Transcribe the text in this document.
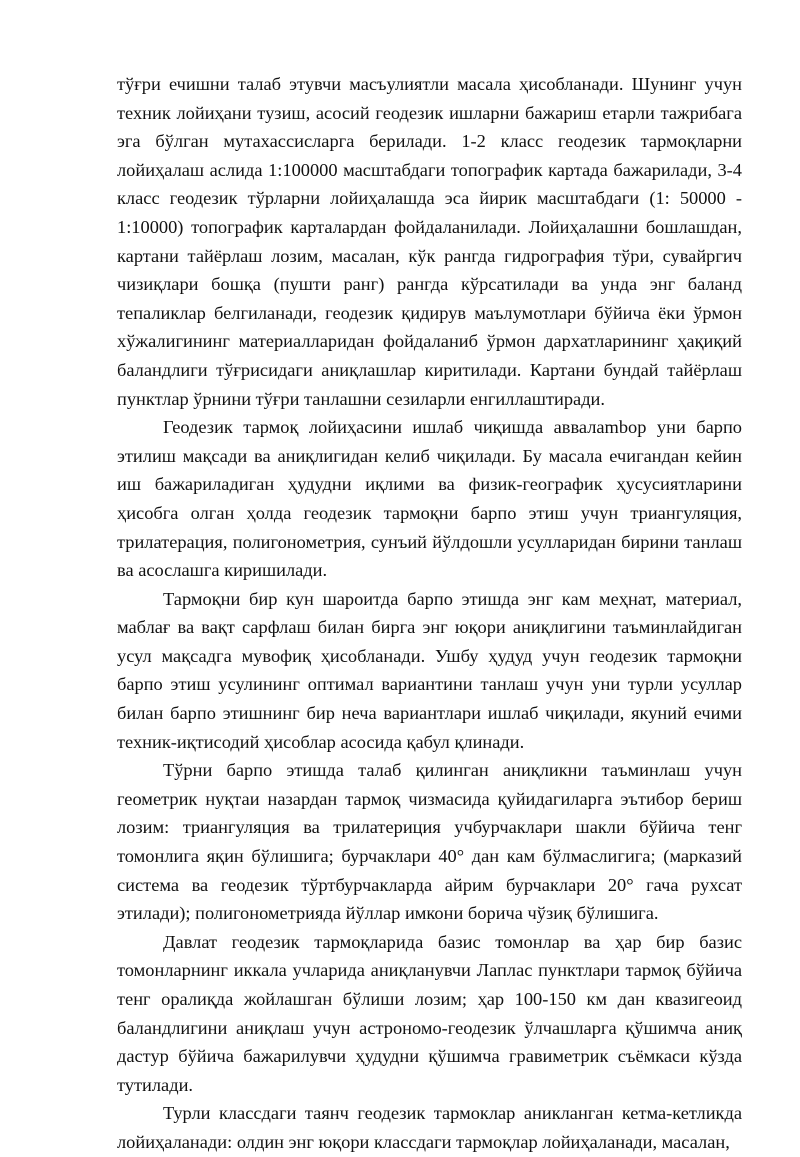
тўғри ечишни талаб этувчи масъулиятли масала ҳисобланади. Шунинг учун техник лойиҳани тузиш, асосий геодезик ишларни бажариш етарли тажрибага эга бўлган мутахассисларга берилади. 1-2 класс геодезик тармоқларни лойиҳалаш аслида 1:100000 масштабдаги топографик картада бажарилади, 3-4 класс геодезик тўрларни лойиҳалашда эса йирик масштабдаги (1: 50000 - 1:10000) топографик карталардан фойдаланилади. Лойиҳалашни бошлашдан, картани тайёрлаш лозим, масалан, кўк рангда гидрография тўри, сувайргич чизиқлари бошқа (пушти ранг) рангда кўрсатилади ва унда энг баланд тепаликлар белгиланади, геодезик қидирув маълумотлари бўйича ёки ўрмон хўжалигининг материалларидан фойдаланиб ўрмон дархатларининг ҳақиқий баландлиги тўғрисидаги аниқлашлар киритилади. Картани бундай тайёрлаш пунктлар ўрнини тўғри танлашни сезиларли енгиллаштиради.

Геодезик тармоқ лойиҳасини ишлаб чиқишда аввалambор уни барпо этилиш мақсади ва аниқлигидан келиб чиқилади. Бу масала ечигандан кейин иш бажариладиган ҳудудни иқлими ва физик-географик ҳусусиятларини ҳисобга олган ҳолда геодезик тармоқни барпо этиш учун триангуляция, трилатерация, полигонометрия, сунъий йўлдошли усулларидан бирини танлаш ва асослашга киришилади.

Тармоқни бир кун шароитда барпо этишда энг кам меҳнат, материал, маблағ ва вақт сарфлаш билан бирга энг юқори аниқлигини таъминлайдиган усул мақсадга мувофиқ ҳисобланади. Ушбу ҳудуд учун геодезик тармоқни барпо этиш усулининг оптимал вариантини танлаш учун уни турли усуллар билан барпо этишнинг бир неча вариантлари ишлаб чиқилади, якуний ечими техник-иқтисодий ҳисоблар асосида қабул қлинади.

Тўрни барпо этишда талаб қилинган аниқликни таъминлаш учун геометрик нуқтаи назардан тармоқ чизмасида қуйидагиларга эътибор бериш лозим: триангуляция ва трилатериция учбурчаклари шакли бўйича тенг томонлига яқин бўлишига; бурчаклари 40° дан кам бўлмаслигига; (марказий система ва геодезик тўртбурчакларда айрим бурчаклари 20° гача рухсат этилади); полигонометрияда йўллар имкони борича чўзиқ бўлишига.

Давлат геодезик тармоқларида базис томонлар ва ҳар бир базис томонларнинг иккала учларида аниқланувчи Лаплас пунктлари тармоқ бўйича тенг оралиқда жойлашган бўлиши лозим; ҳар 100-150 км дан квазигеоид баландлигини аниқлаш учун астрономо-геодезик ўлчашларга қўшимча аниқ дастур бўйича бажарилувчи ҳудудни қўшимча гравиметрик съёмкаси кўзда тутилади.

Турли классдаги таянч геодезик тармоклар аникланган кетма-кетликда лойиҳаланади: олдин энг юқори классдаги тармоқлар лойиҳаланади, масалан,
